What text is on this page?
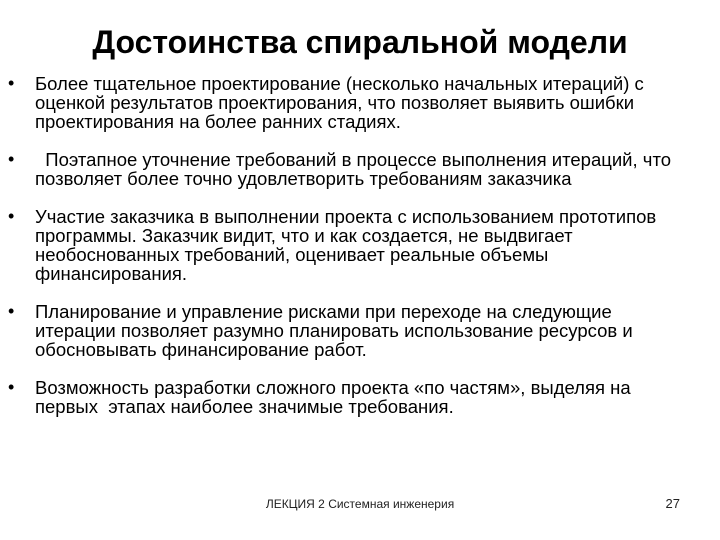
Достоинства спиральной модели
• Более тщательное проектирование (несколько начальных итераций) с оценкой результатов проектирования, что позволяет выявить ошибки проектирования на более ранних стадиях.
• Поэтапное уточнение требований в процессе выполнения итераций, что   позволяет более точно удовлетворить требованиям заказчика
• Участие заказчика в выполнении проекта с использованием прототипов программы. Заказчик видит, что и как создается, не выдвигает необоснованных требований, оценивает реальные объемы финансирования.
• Планирование и управление рисками при переходе на следующие итерации позволяет разумно планировать использование ресурсов и обосновывать финансирование работ.
• Возможность разработки сложного проекта «по частям», выделяя на первых  этапах наиболее значимые требования.
ЛЕКЦИЯ 2 Системная инженерия	27
